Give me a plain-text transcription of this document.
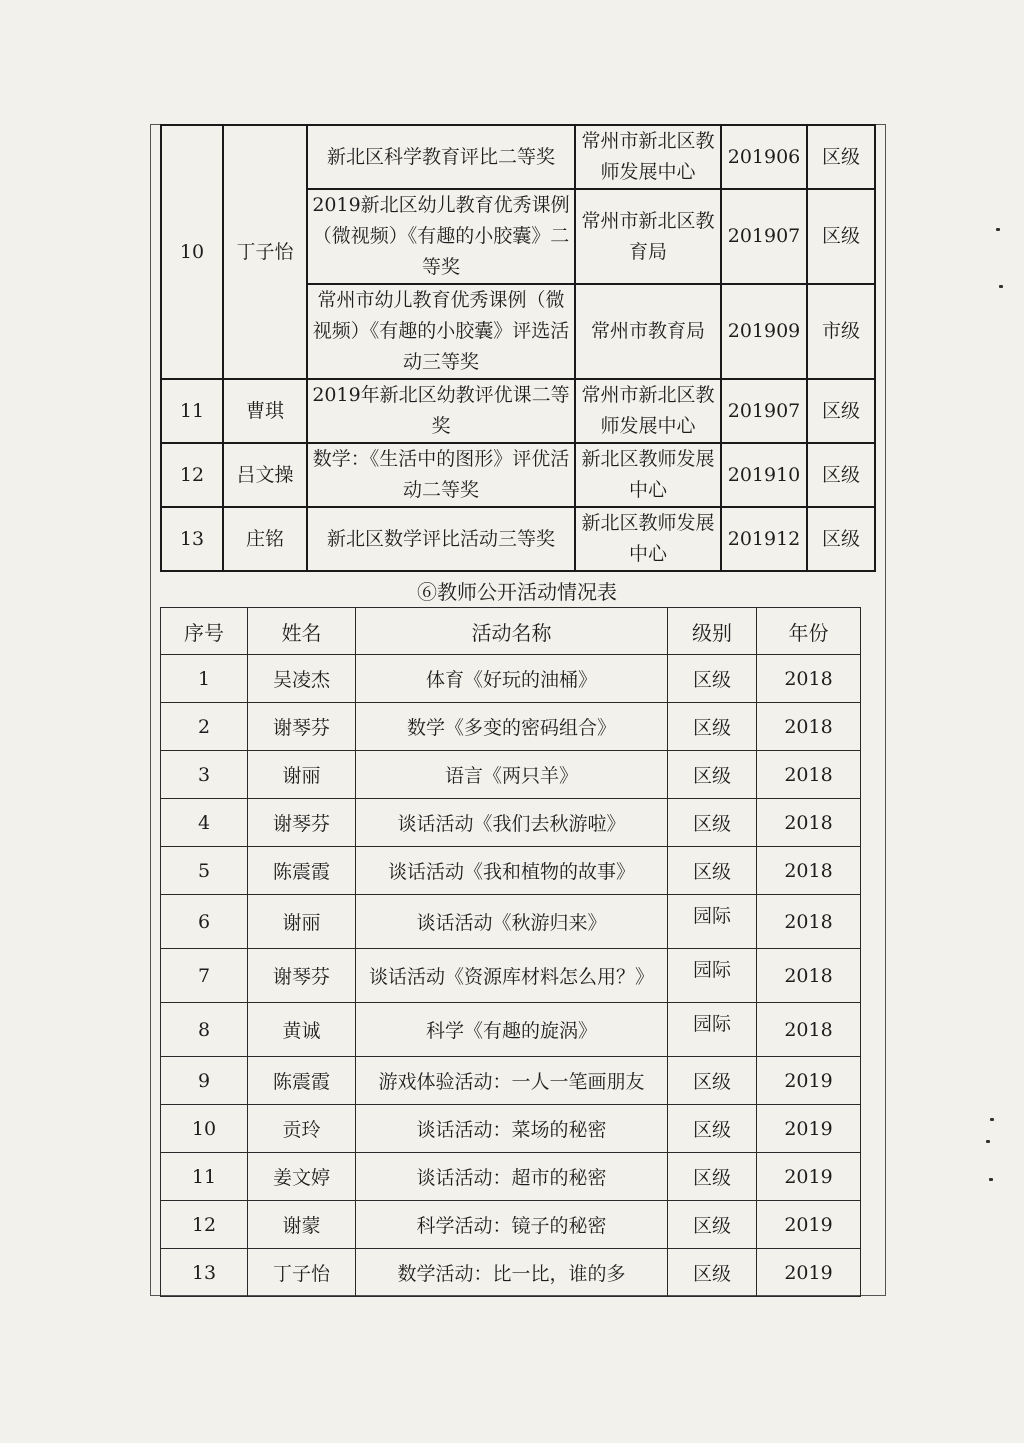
10	丁子怡	新北区科学教育评比二等奖	常州市新北区教师发展中心	201906	区级
		2019新北区幼儿教育优秀课例（微视频）《有趣的小胶囊》二等奖	常州市新北区教育局	201907	区级
		常州市幼儿教育优秀课例（微视频）《有趣的小胶囊》评选活动三等奖	常州市教育局	201909	市级
11	曹琪	2019年新北区幼教评优课二等奖	常州市新北区教师发展中心	201907	区级
12	吕文操	数学：《生活中的图形》评优活动二等奖	新北区教师发展中心	201910	区级
13	庄铭	新北区数学评比活动三等奖	新北区教师发展中心	201912	区级
⑥教师公开活动情况表
序号	姓名	活动名称	级别	年份
1	吴凌杰	体育《好玩的油桶》	区级	2018
2	谢琴芬	数学《多变的密码组合》	区级	2018
3	谢丽	语言《两只羊》	区级	2018
4	谢琴芬	谈话活动《我们去秋游啦》	区级	2018
5	陈震霞	谈话活动《我和植物的故事》	区级	2018
6	谢丽	谈话活动《秋游归来》	园际	2018
7	谢琴芬	谈话活动《资源库材料怎么用？》	园际	2018
8	黄诚	科学《有趣的旋涡》	园际	2018
9	陈震霞	游戏体验活动：一人一笔画朋友	区级	2019
10	贡玲	谈话活动：菜场的秘密	区级	2019
11	姜文婷	谈话活动：超市的秘密	区级	2019
12	谢蒙	科学活动：镜子的秘密	区级	2019
13	丁子怡	数学活动：比一比，谁的多	区级	2019
